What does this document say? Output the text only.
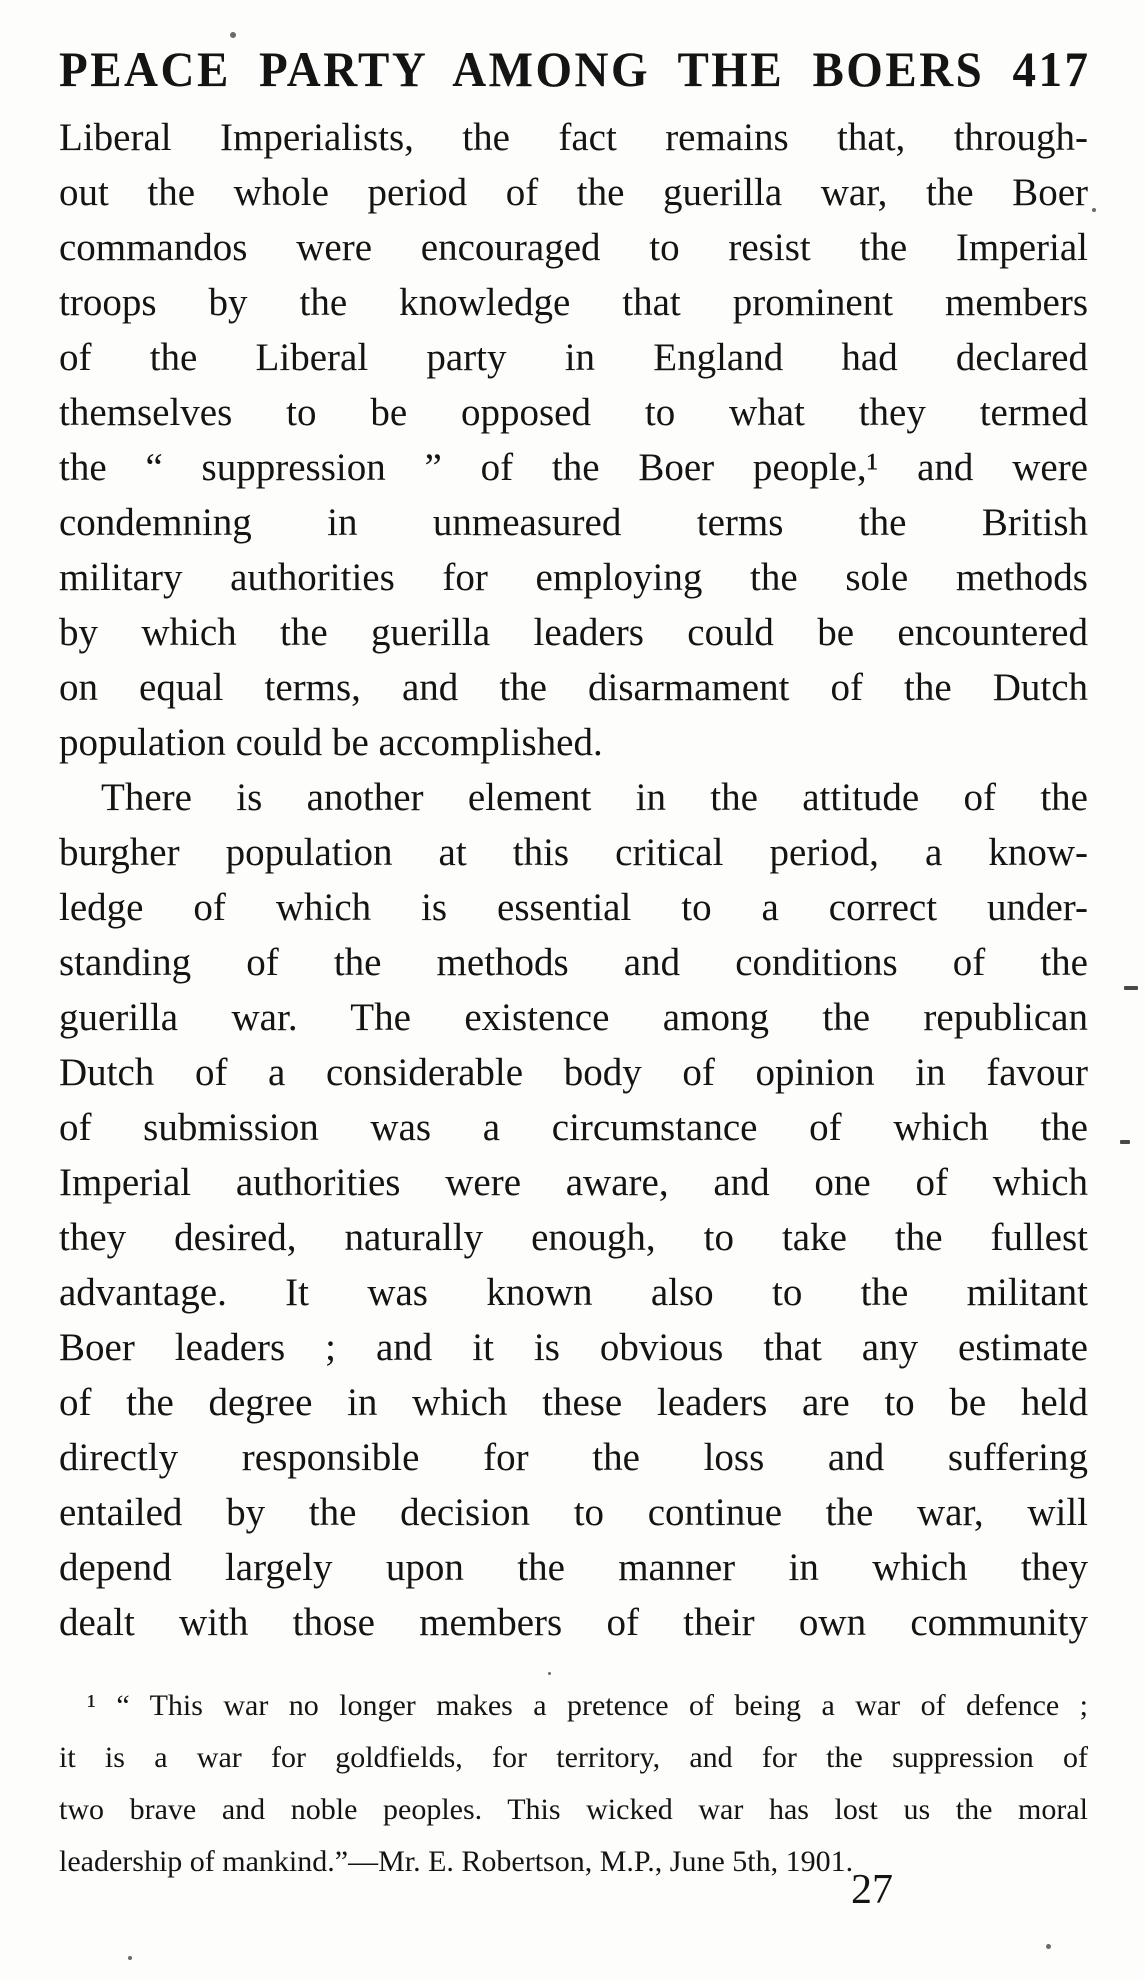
PEACE PARTY AMONG THE BOERS 417
Liberal Imperialists, the fact remains that, through-
out the whole period of the guerilla war, the Boer
commandos were encouraged to resist the Imperial
troops by the knowledge that prominent members
of the Liberal party in England had declared
themselves to be opposed to what they termed
the “ suppression ” of the Boer people,¹ and were
condemning in unmeasured terms the British
military authorities for employing the sole methods
by which the guerilla leaders could be encountered
on equal terms, and the disarmament of the Dutch
population could be accomplished.
There is another element in the attitude of the
burgher population at this critical period, a know-
ledge of which is essential to a correct under-
standing of the methods and conditions of the
guerilla war. The existence among the republican
Dutch of a considerable body of opinion in favour
of submission was a circumstance of which the
Imperial authorities were aware, and one of which
they desired, naturally enough, to take the fullest
advantage. It was known also to the militant
Boer leaders ; and it is obvious that any estimate
of the degree in which these leaders are to be held
directly responsible for the loss and suffering
entailed by the decision to continue the war, will
depend largely upon the manner in which they
dealt with those members of their own community
¹ “ This war no longer makes a pretence of being a war of defence ;
it is a war for goldfields, for territory, and for the suppression of
two brave and noble peoples. This wicked war has lost us the moral
leadership of mankind.”—Mr. E. Robertson, M.P., June 5th, 1901.
27
